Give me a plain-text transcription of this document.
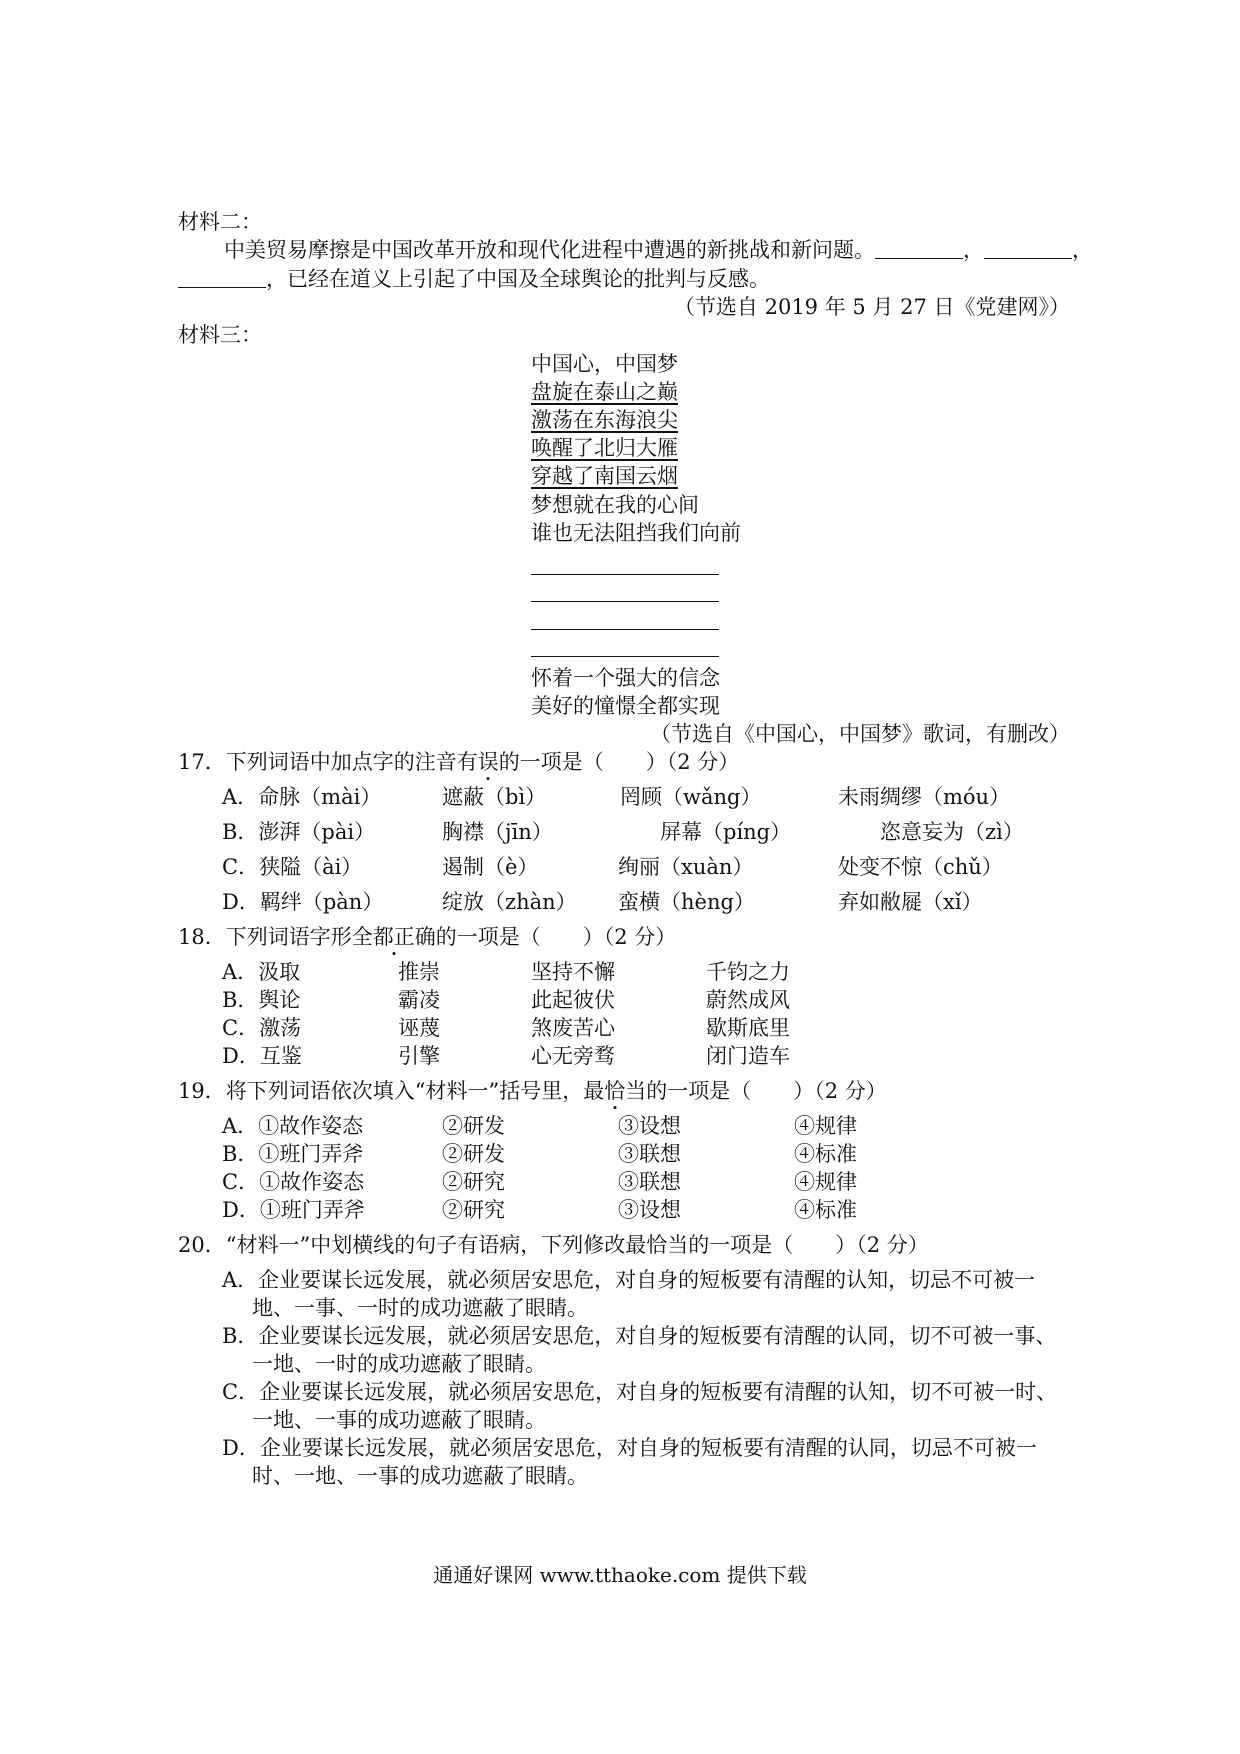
材料二：
中美贸易摩擦是中国改革开放和现代化进程中遭遇的新挑战和新问题。	，	，
，已经在道义上引起了中国及全球舆论的批判与反感。
（节选自 2019 年 5 月 27 日《党建网》）
材料三：
中国心，中国梦
盘旋在泰山之巅
激荡在东海浪尖
唤醒了北归大雁
穿越了南国云烟
梦想就在我的心间
谁也无法阻挡我们向前
怀着一个强大的信念
美好的憧憬全都实现
（节选自《中国心，中国梦》歌词，有删改）
17．下列词语中加点字的注音有误的一项是（　　）（2 分）
A．命脉（mài）	遮蔽（bì）	罔顾（wǎng）	未雨绸缪（móu）
B．澎湃（pài）	胸襟（jīn）	屏幕（píng）	恣意妄为（zì）
C．狭隘（ài）	遏制（è）	绚丽（xuàn）	处变不惊（chǔ）
D．羁绊（pàn）	绽放（zhàn） 蛮横（hèng）	弃如敝屣（xǐ）
18．下列词语字形全都正确的一项是（　　）（2 分）
A．汲取	推崇	坚持不懈	千钧之力
B．舆论	霸凌	此起彼伏	蔚然成风
C．激荡	诬蔑	煞废苦心	歇斯底里
D．互鉴	引擎	心无旁骛	闭门造车
19．将下列词语依次填入“材料一”括号里，最恰当的一项是（　　）（2 分）
A．①故作姿态	②研发	③设想	④规律
B．①班门弄斧	②研发	③联想	④标准
C．①故作姿态	②研究	③联想	④规律
D．①班门弄斧	②研究	③设想	④标准
20．“材料一”中划横线的句子有语病，下列修改最恰当的一项是（　　）（2 分）
A．企业要谋长远发展，就必须居安思危，对自身的短板要有清醒的认知，切忌不可被一
地、一事、一时的成功遮蔽了眼睛。
B．企业要谋长远发展，就必须居安思危，对自身的短板要有清醒的认同，切不可被一事、
一地、一时的成功遮蔽了眼睛。
C．企业要谋长远发展，就必须居安思危，对自身的短板要有清醒的认知，切不可被一时、
一地、一事的成功遮蔽了眼睛。
D．企业要谋长远发展，就必须居安思危，对自身的短板要有清醒的认同，切忌不可被一
时、一地、一事的成功遮蔽了眼睛。
通通好课网 www.tthaoke.com 提供下载
